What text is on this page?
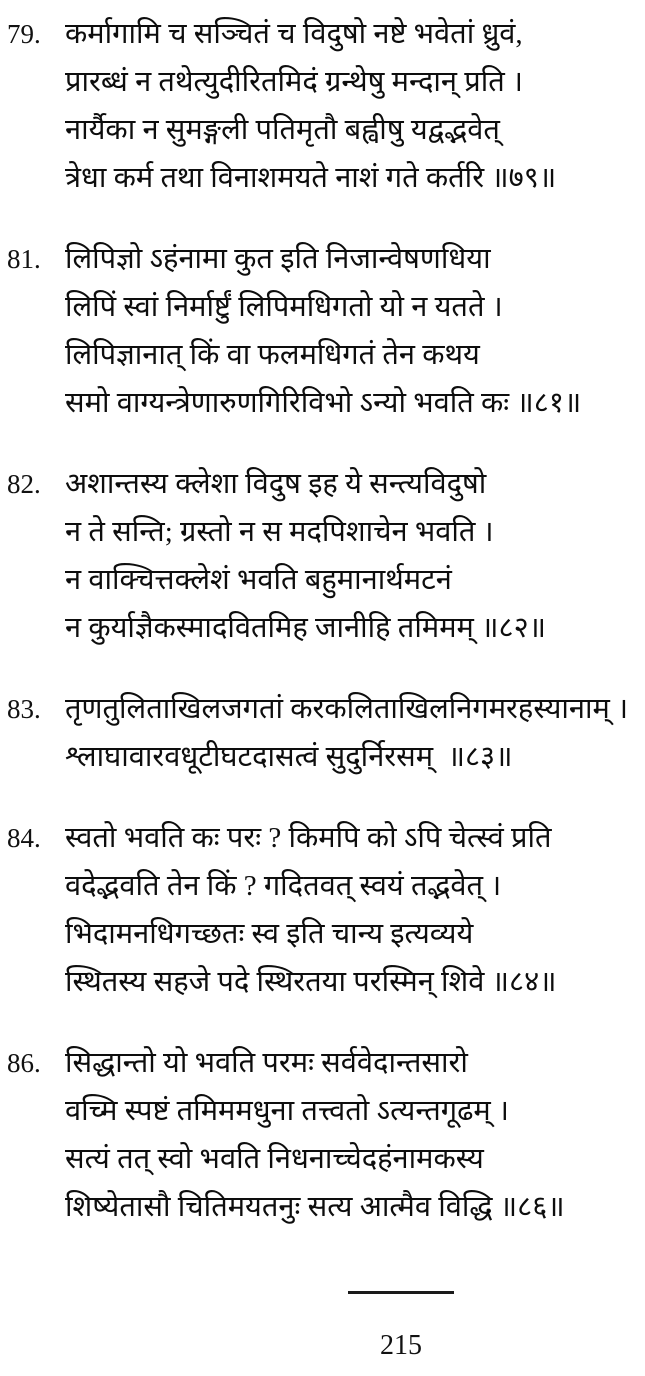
79. कर्मागामि च सञ्चितं च विदुषो नष्टे भवेतां ध्रुवं,
प्रारब्धं न तथेत्युदीरितमिदं ग्रन्थेषु मन्दान् प्रति ।
नार्यैका न सुमङ्गली पतिमृतौ बह्वीषु यद्वद्भवेत्
त्रेधा कर्म तथा विनाशमयते नाशं गते कर्तरि ॥७९॥
81. लिपिज्ञो ऽहंनामा कुत इति निजान्वेषणधिया
लिपिं स्वां निर्मार्ष्टुं लिपिमधिगतो यो न यतते ।
लिपिज्ञानात् किं वा फलमधिगतं तेन कथय
समो वाग्यन्त्रेणारुणगिरिविभो ऽन्यो भवति कः ॥८१॥
82. अशान्तस्य क्लेशा विदुष इह ये सन्त्यविदुषो
न ते सन्ति; ग्रस्तो न स मदपिशाचेन भवति ।
न वाक्चित्तक्लेशं भवति बहुमानार्थमटनं
न कुर्याज्ञैकस्मादवितमिह जानीहि तमिमम् ॥८२॥
83. तृणतुलिताखिलजगतां करकलिताखिलनिगमरहस्यानाम् ।
श्लाघावारवधूटीघटदासत्वं सुदुर्निरसम्  ॥८३॥
84. स्वतो भवति कः परः ? किमपि को ऽपि चेत्स्वं प्रति
वदेद्भवति तेन किं ? गदितवत् स्वयं तद्भवेत् ।
भिदामनधिगच्छतः स्व इति चान्य इत्यव्यये
स्थितस्य सहजे पदे स्थिरतया परस्मिन् शिवे ॥८४॥
86. सिद्धान्तो यो भवति परमः सर्ववेदान्तसारो
वच्मि स्पष्टं तमिममधुना तत्त्वतो ऽत्यन्तगूढम् ।
सत्यं तत् स्वो भवति निधनाच्चेदहंनामकस्य
शिष्येतासौ चितिमयतनुः सत्य आत्मैव विद्धि ॥८६॥
215
